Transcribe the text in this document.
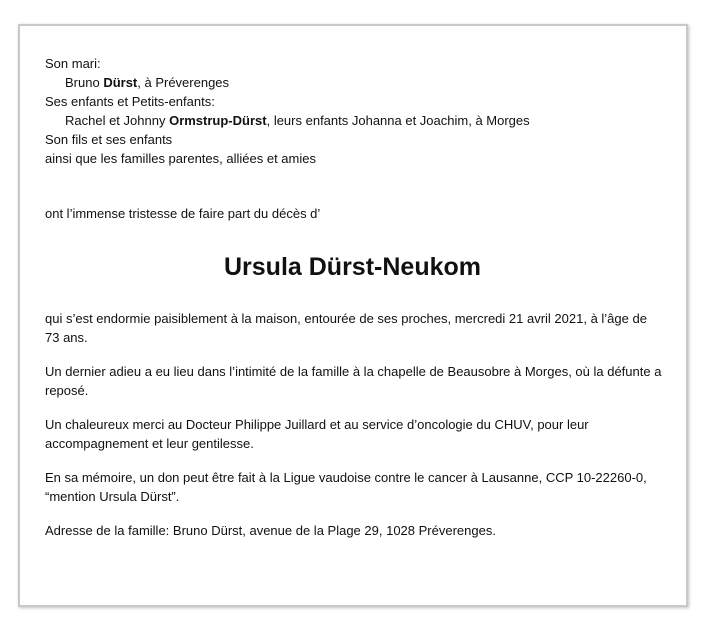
Son mari:
Bruno Dürst, à Préverenges
Ses enfants et Petits-enfants:
Rachel et Johnny Ormstrup-Dürst, leurs enfants Johanna et Joachim, à Morges
Son fils et ses enfants
ainsi que les familles parentes, alliées et amies
ont l’immense tristesse de faire part du décès d’
Ursula Dürst-Neukom
qui s’est endormie paisiblement à la maison, entourée de ses proches, mercredi 21 avril 2021, à l’âge de 73 ans.
Un dernier adieu a eu lieu dans l’intimité de la famille à la chapelle de Beausobre à Morges, où la défunte a reposé.
Un chaleureux merci au Docteur Philippe Juillard et au service d’oncologie du CHUV, pour leur accompagnement et leur gentilesse.
En sa mémoire, un don peut être fait à la Ligue vaudoise contre le cancer à Lausanne, CCP 10-22260-0, “mention Ursula Dürst”.
Adresse de la famille: Bruno Dürst, avenue de la Plage 29, 1028 Préverenges.
